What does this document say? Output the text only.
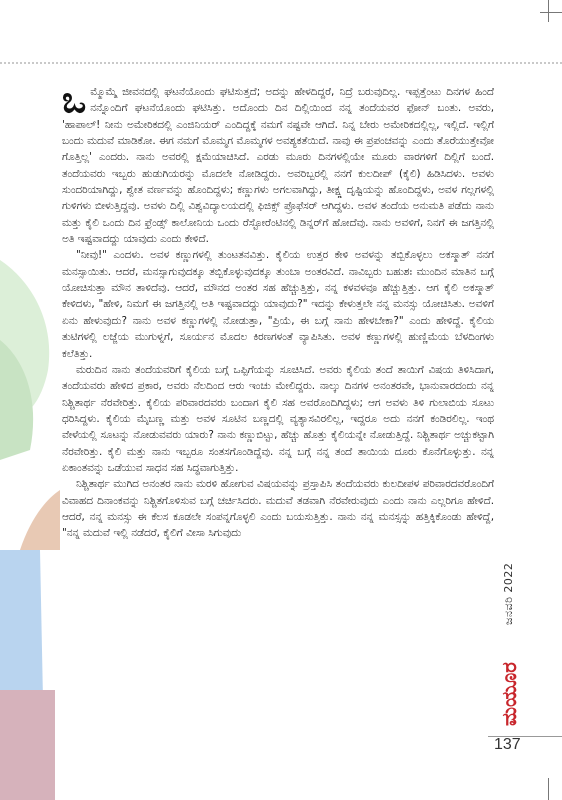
ಒಮ್ಮೊಮ್ಮೆ ಜೀವನದಲ್ಲಿ ಘಟನೆಯೊಂದು ಘಟಿಸುತ್ತದೆ; ಅದನ್ನು ಹೇಳದಿದ್ದರೆ, ನಿದ್ರೆ ಬರುವುದಿಲ್ಲ. ಇಪ್ಪತ್ತೆಂಟು ದಿನಗಳ ಹಿಂದೆ ನನ್ನೊಂದಿಗೆ ಘಟನೆಯೊಂದು ಘಟಿಸಿತ್ತು. ಅದೊಂದು ದಿನ ದಿಲ್ಲಿಯಿಂದ ನನ್ನ ತಂದೆಯವರ ಫೋನ್ ಬಂತು. ಅವರು, 'ಹಾಪಾಲ್! ನೀನು ಅಮೇರಿಕದಲ್ಲಿ ಎಂಜಿನಿಯರ್ ಎಂದಿದ್ದಕ್ಕೆ ನಮಗೆ ನಷ್ಟವೇ ಆಗಿದೆ. ನಿನ್ನ ಬೇರು ಅಮೇರಿಕದಲ್ಲಿಲ್ಲ, ಇಲ್ಲಿದೆ. ಇಲ್ಲಿಗೆ ಬಂದು ಮದುವೆ ಮಾಡಿಕೋ. ಈಗ ನಮಗೆ ಮೊಮ್ಮಗ ಮೊಮ್ಮಗಳ ಅವಶ್ಯಕತೆಯಿದೆ. ನಾವು ಈ ಪ್ರಪಂಚವನ್ನು ಎಂದು ತೊರೆಯುತ್ತೇವೋ ಗೊತ್ತಿಲ್ಲ' ಎಂದರು. ನಾನು ಅವರಲ್ಲಿ ಕ್ಷಮೆಯಾಚಿಸಿದೆ. ಎರಡು ಮೂರು ದಿನಗಳಲ್ಲಿಯೇ ಮೂರು ವಾರಗಳಿಗೆ ದಿಲ್ಲಿಗೆ ಬಂದೆ. ತಂದೆಯವರು ಇಬ್ಬರು ಹುಡುಗಿಯರನ್ನು ಮೊದಲೇ ನೋಡಿದ್ದರು. ಅವರಿಬ್ಬರಲ್ಲಿ ನನಗೆ ಕುಲದೀಪ್ (ಕೈಲಿ) ಹಿಡಿಸಿದಳು. ಅವಳು ಸುಂದರಿಯಾಗಿದ್ದು, ಶ್ವೇತ ವರ್ಣವನ್ನು ಹೊಂದಿದ್ದಳು; ಕಣ್ಣುಗಳು ಅಗಲವಾಗಿದ್ದು, ತೀಕ್ಷ್ಣ ದೃಷ್ಟಿಯನ್ನು ಹೊಂದಿದ್ದಳು, ಅವಳ ಗಲ್ಲಗಳಲ್ಲಿ ಗುಳಿಗಳು ಬೀಳುತ್ತಿದ್ದವು. ಅವಳು ದಿಲ್ಲಿ ವಿಶ್ವವಿದ್ಯಾಲಯದಲ್ಲಿ ಫಿಜಿಕ್ಸ್ ಪ್ರೊಫೆಸರ್ ಆಗಿದ್ದಳು. ಅವಳ ತಂದೆಯ ಅನುಮತಿ ಪಡೆದು ನಾನು ಮತ್ತು ಕೈಲಿ ಒಂದು ದಿನ ಫ್ರೆಂಡ್ಸ್ ಕಾಲೋನಿಯ ಒಂದು ರೆಸ್ಟೋರೆಂಟಿನಲ್ಲಿ ಡಿನ್ನರ್‌ಗೆ ಹೋದೆವು. ನಾನು ಅವಳಿಗೆ, ನಿನಗೆ ಈ ಜಗತ್ತಿನಲ್ಲಿ ಅತಿ ಇಷ್ಟವಾದದ್ದು ಯಾವುದು ಎಂದು ಕೇಳಿದೆ.

"ನೀವು!" ಎಂದಳು. ಅವಳ ಕಣ್ಣುಗಳಲ್ಲಿ ತುಂಟತನವಿತ್ತು. ಕೈಲಿಯ ಉತ್ತರ ಕೇಳಿ ಅವಳನ್ನು ತಬ್ಬಿಕೊಳ್ಳಲು ಅಕಸ್ಮಾತ್ ನನಗೆ ಮನಸ್ಸಾಯಿತು. ಆದರೆ, ಮನಸ್ಸಾಗುವುದಕ್ಕೂ ತಬ್ಬಿಕೊಳ್ಳುವುದಕ್ಕೂ ತುಂಬಾ ಅಂತರವಿದೆ. ನಾವಿಬ್ಬರು ಬಹುಶಃ ಮುಂದಿನ ಮಾತಿನ ಬಗ್ಗೆ ಯೋಚಿಸುತ್ತಾ ಮೌನ ತಾಳಿದೆವು. ಆದರೆ, ಮೌನದ ಅಂತರ ಸಹ ಹೆಚ್ಚುತ್ತಿತ್ತು, ನನ್ನ ಕಳವಳವೂ ಹೆಚ್ಚುತ್ತಿತ್ತು. ಆಗ ಕೈಲಿ ಅಕಸ್ಮಾತ್ ಕೇಳಿದಳು, "ಹೇಳಿ, ನಿಮಗೆ ಈ ಜಗತ್ತಿನಲ್ಲಿ ಅತಿ ಇಷ್ಟವಾದದ್ದು ಯಾವುದು?" ಇದನ್ನು ಕೇಳುತ್ತಲೇ ನನ್ನ ಮನಸ್ಸು ಯೋಚಿಸಿತು. ಅವಳಿಗೆ ಏನು ಹೇಳುವುದು? ನಾನು ಅವಳ ಕಣ್ಣುಗಳಲ್ಲಿ ನೋಡುತ್ತಾ, "ಪ್ರಿಯೆ, ಈ ಬಗ್ಗೆ ನಾನು ಹೇಳಬೇಕಾ?" ಎಂದು ಹೇಳಿದ್ದೆ. ಕೈಲಿಯ ತುಟಿಗಳಲ್ಲಿ ಲಜ್ಜೆಯ ಮುಗುಳ್ನಗೆ, ಸೂರ್ಯನ ಮೊದಲ ಕಿರಣಗಳಂತೆ ವ್ಯಾಪಿಸಿತು. ಅವಳ ಕಣ್ಣುಗಳಲ್ಲಿ ಹುಣ್ಣಿಮೆಯ ಬೆಳದಿಂಗಳು ಕಲೆತಿತ್ತು.

ಮರುದಿನ ನಾನು ತಂದೆಯವರಿಗೆ ಕೈಲಿಯ ಬಗ್ಗೆ ಒಪ್ಪಿಗೆಯನ್ನು ಸೂಚಿಸಿದೆ. ಅವರು ಕೈಲಿಯ ತಂದೆ ತಾಯಿಗೆ ವಿಷಯ ತಿಳಿಸಿದಾಗ, ತಂದೆಯವರು ಹೇಳಿದ ಪ್ರಕಾರ, ಅವರು ನೆಲದಿಂದ ಆರು ಇಂಚು ಮೇಲಿದ್ದರು. ನಾಲ್ಕು ದಿನಗಳ ಅನಂತರವೇ, ಭಾನುವಾರದಂದು ನನ್ನ ನಿಶ್ಚಿತಾರ್ಥ ನೆರವೇರಿತ್ತು. ಕೈಲಿಯ ಪರಿವಾರದವರು ಬಂದಾಗ ಕೈಲಿ ಸಹ ಅವರೊಂದಿಗಿದ್ದಳು; ಆಗ ಅವಳು ತಿಳಿ ಗುಲಾಬಿಯ ಸೂಟು ಧರಿಸಿದ್ದಳು. ಕೈಲಿಯ ಮೈಬಣ್ಣ ಮತ್ತು ಅವಳ ಸೂಟಿನ ಬಣ್ಣದಲ್ಲಿ ವ್ಯತ್ಯಾಸವಿರಲಿಲ್ಲ, ಇದ್ದರೂ ಅದು ನನಗೆ ಕಂಡಿರಲಿಲ್ಲ. ಇಂಥ ವೇಳೆಯಲ್ಲಿ ಸೂಟನ್ನು ನೋಡುವವರು ಯಾರು? ನಾನು ಕಣ್ಣುಬಿಟ್ಟು, ಹೆಚ್ಚು ಹೊತ್ತು ಕೈಲಿಯನ್ನೇ ನೋಡುತ್ತಿದ್ದೆ. ನಿಶ್ಚಿತಾರ್ಥ ಅಚ್ಚುಕಟ್ಟಾಗಿ ನೆರವೇರಿತ್ತು. ಕೈಲಿ ಮತ್ತು ನಾನು ಇಬ್ಬರೂ ಸಂತಸಗೊಂಡಿದ್ದೆವು. ನನ್ನ ಬಗ್ಗೆ ನನ್ನ ತಂದೆ ತಾಯಿಯ ದೂರು ಕೊನೆಗೊಳ್ಳುತ್ತು. ನನ್ನ ಏಕಾಂತವನ್ನು ಒಡೆಯುವ ಸಾಧನ ಸಹ ಸಿದ್ಧವಾಗುತ್ತಿತ್ತು.

ನಿಶ್ಚಿತಾರ್ಥ ಮುಗಿದ ಅನಂತರ ನಾನು ಮರಳಿ ಹೋಗುವ ವಿಷಯವನ್ನು ಪ್ರಸ್ತಾಪಿಸಿ ತಂದೆಯವರು ಕುಲದೀಪಳ ಪರಿವಾರದವರೊಂದಿಗೆ ವಿವಾಹದ ದಿನಾಂಕವನ್ನು ನಿಶ್ಚಿತಗೊಳಿಸುವ ಬಗ್ಗೆ ಚರ್ಚಿಸಿದರು. ಮದುವೆ ತಡವಾಗಿ ನೆರವೇರುವುದು ಎಂದು ನಾನು ಎಲ್ಲರಿಗೂ ಹೇಳಿದೆ. ಆದರೆ, ನನ್ನ ಮನಸ್ಸು ಈ ಕೆಲಸ ಕೂಡಲೇ ಸಂಪನ್ನಗೊಳ್ಳಲಿ ಎಂದು ಬಯಸುತ್ತಿತ್ತು. ನಾನು ನನ್ನ ಮನಸ್ಸನ್ನು ಹತ್ತಿಕ್ಕಿಕೊಂಡು ಹೇಳಿದ್ದೆ, "ನನ್ನ ಮದುವೆ ಇಲ್ಲಿ ನಡೆದರೆ, ಕೈಲಿಗೆ ವೀಸಾ ಸಿಗುವುದು

ಜನವರಿ 2022
ಮಯೂರ
137
